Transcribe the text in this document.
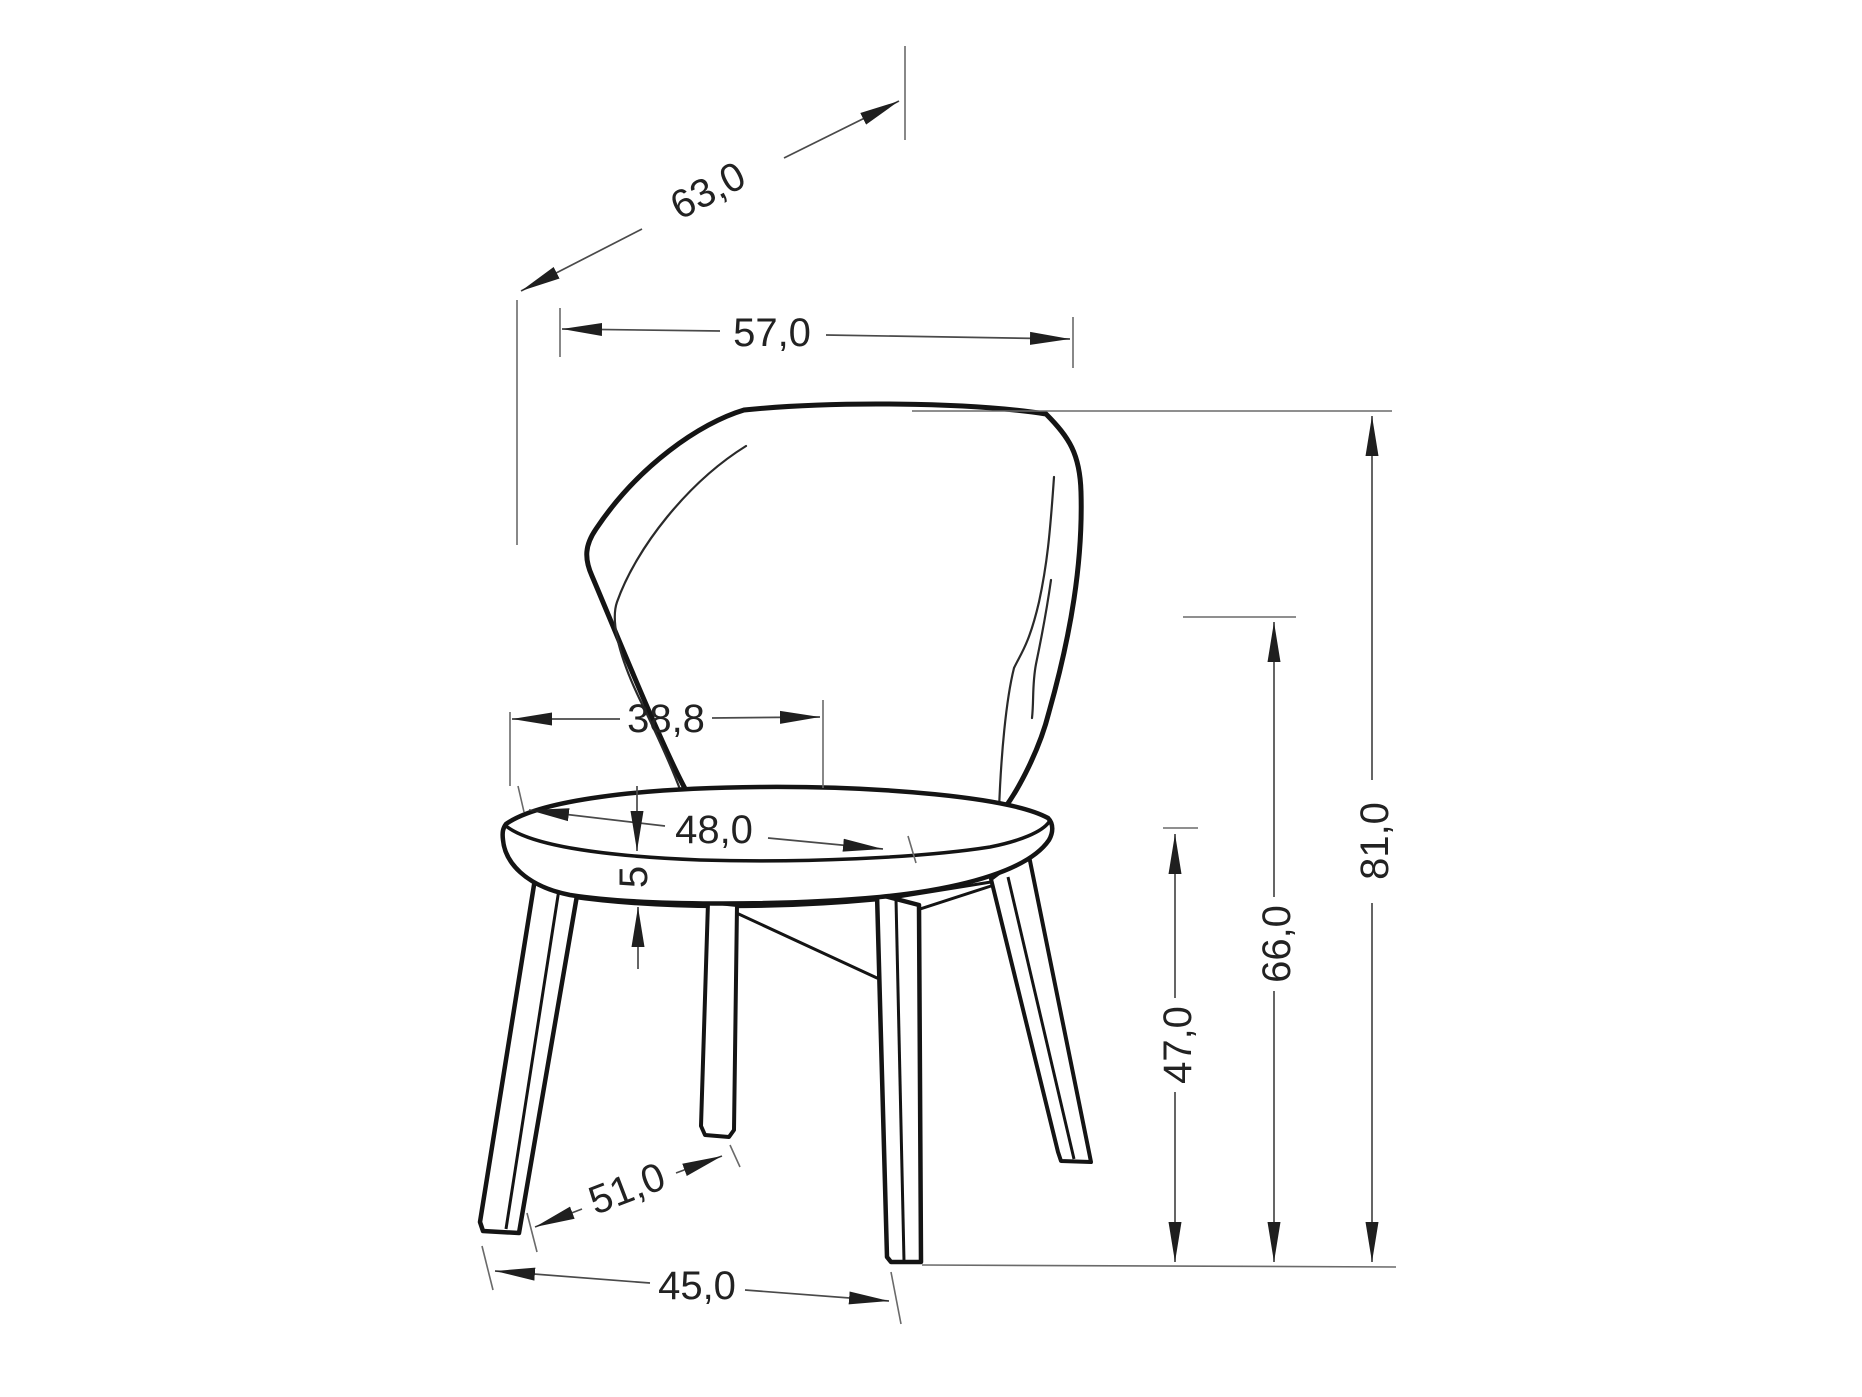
63,0
57,0
38,8
48,0
5
47,0
66,0
81,0
51,0
45,0
